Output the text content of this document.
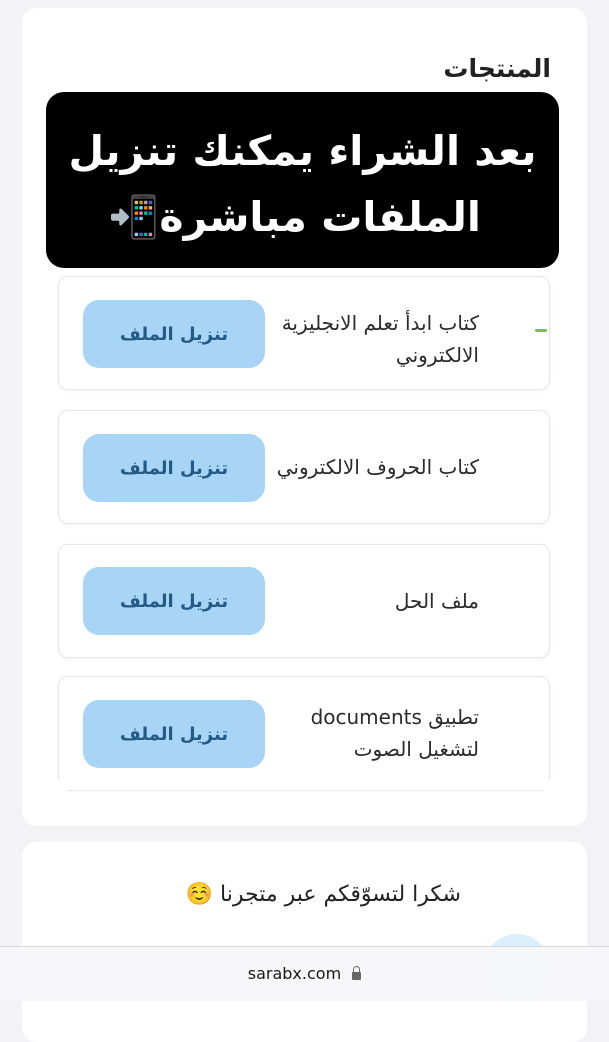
المنتجات
بعد الشراء يمكنك تنزيل
الملفات مباشرة📲
كتاب ابدأ تعلم الانجليزية الالكتروني
تنزيل الملف
كتاب الحروف الالكتروني
تنزيل الملف
ملف الحل
تنزيل الملف
تطبيق documents لتشغيل الصوت
تنزيل الملف
شكرا لتسوّقكم عبر متجرنا ☺️
sarabx.com
